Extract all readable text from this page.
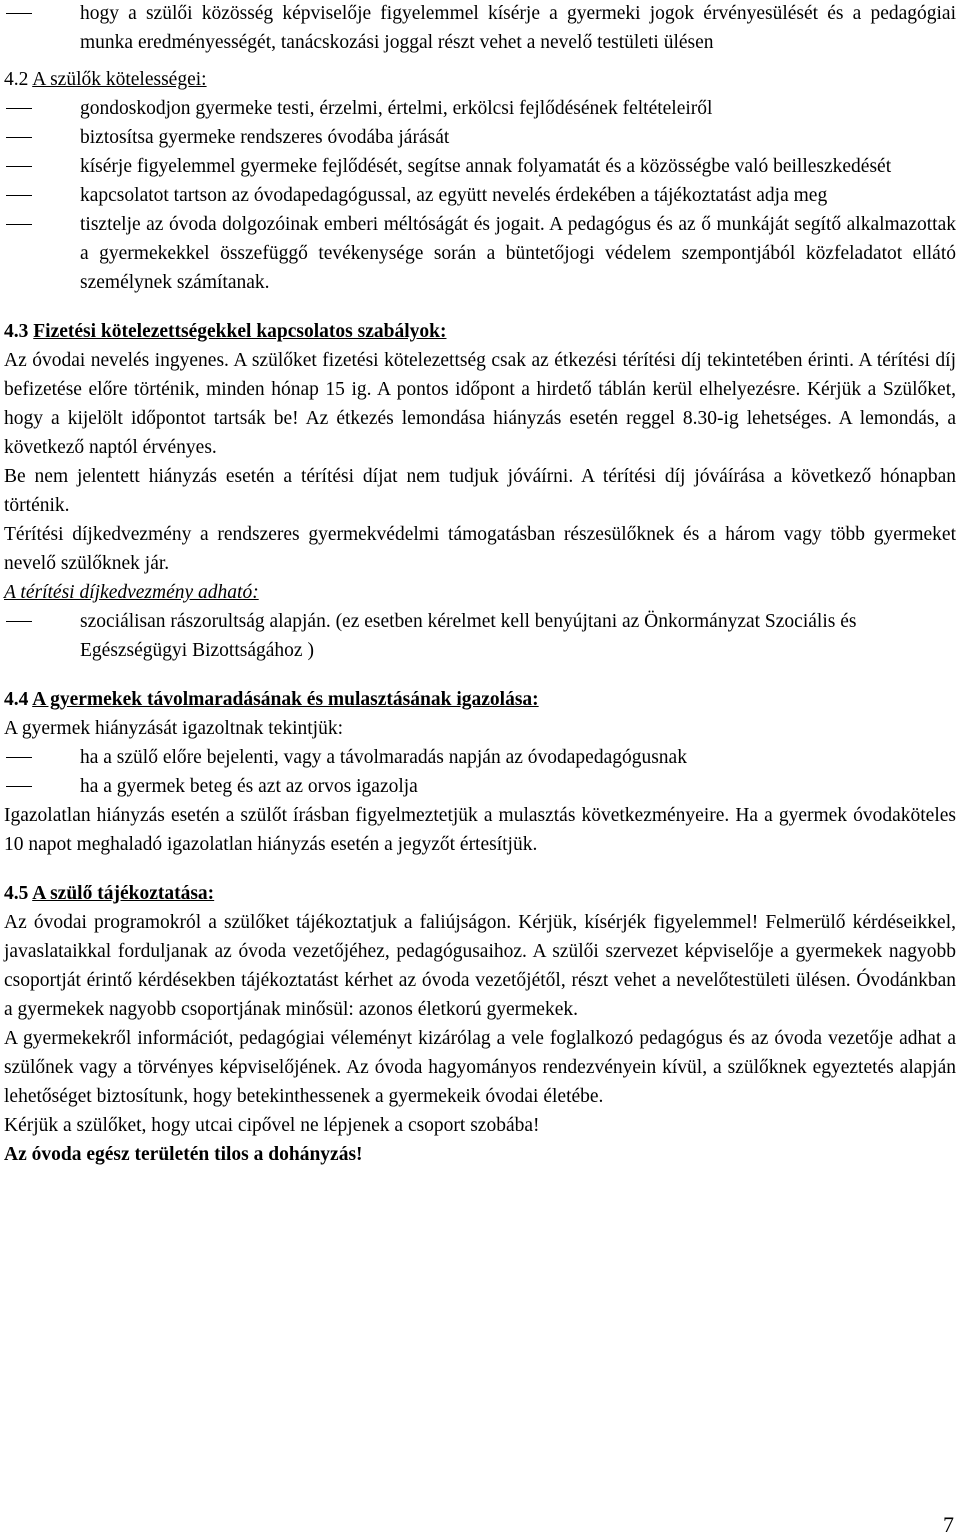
hogy a szülői közösség képviselője figyelemmel kísérje a gyermeki jogok érvényesülését és a pedagógiai munka eredményességét, tanácskozási joggal részt vehet a nevelő testületi ülésen

4.2 A szülők kötelességei:

gondoskodjon gyermeke testi, érzelmi, értelmi, erkölcsi fejlődésének feltételeiről
biztosítsa gyermeke rendszeres óvodába járását
kísérje figyelemmel gyermeke fejlődését, segítse annak folyamatát és a közösségbe való beilleszkedését
kapcsolatot tartson az óvodapedagógussal, az együtt nevelés érdekében a tájékoztatást adja meg
tisztelje az óvoda dolgozóinak emberi méltóságát és jogait. A pedagógus és az ő munkáját segítő alkalmazottak a gyermekekkel összefüggő tevékenysége során a büntetőjogi védelem szempontjából közfeladatot ellátó személynek számítanak.

4.3 Fizetési kötelezettségekkel kapcsolatos szabályok:

Az óvodai nevelés ingyenes. A szülőket fizetési kötelezettség csak az étkezési térítési díj tekintetében érinti. A térítési díj befizetése előre történik, minden hónap 15 ig. A pontos időpont a hirdető táblán kerül elhelyezésre. Kérjük a Szülőket, hogy a kijelölt időpontot tartsák be! Az étkezés lemondása hiányzás esetén reggel 8.30-ig lehetséges. A lemondás, a következő naptól érvényes.

Be nem jelentett hiányzás esetén a térítési díjat nem tudjuk jóváírni. A térítési díj jóváírása a következő hónapban történik.

Térítési díjkedvezmény a rendszeres gyermekvédelmi támogatásban részesülőknek és a három vagy több gyermeket nevelő szülőknek jár.

A térítési díjkedvezmény adható:

szociálisan rászorultság alapján. (ez esetben kérelmet kell benyújtani az Önkormányzat Szociális és Egészségügyi Bizottságához )

4.4 A gyermekek távolmaradásának és mulasztásának igazolása:

A gyermek hiányzását igazoltnak tekintjük:

ha a szülő előre bejelenti, vagy a távolmaradás napján az óvodapedagógusnak
ha a gyermek beteg és azt az orvos igazolja

Igazolatlan hiányzás esetén a szülőt írásban figyelmeztetjük a mulasztás következményeire. Ha a gyermek óvodaköteles 10 napot meghaladó igazolatlan hiányzás esetén a jegyzőt értesítjük.

4.5 A szülő tájékoztatása:

Az óvodai programokról a szülőket tájékoztatjuk a faliújságon. Kérjük, kísérjék figyelemmel! Felmerülő kérdéseikkel, javaslataikkal forduljanak az óvoda vezetőjéhez, pedagógusaihoz. A szülői szervezet képviselője a gyermekek nagyobb csoportját érintő kérdésekben tájékoztatást kérhet az óvoda vezetőjétől, részt vehet a nevelőtestületi ülésen. Óvodánkban a gyermekek nagyobb csoportjának minősül: azonos életkorú gyermekek.

A gyermekekről információt, pedagógiai véleményt kizárólag a vele foglalkozó pedagógus és az óvoda vezetője adhat a szülőnek vagy a törvényes képviselőjének. Az óvoda hagyományos rendezvényein kívül, a szülőknek egyeztetés alapján lehetőséget biztosítunk, hogy betekinthessenek a gyermekeik óvodai életébe.

Kérjük a szülőket, hogy utcai cipővel ne lépjenek a csoport szobába!

Az óvoda egész területén tilos a dohányzás!

7
